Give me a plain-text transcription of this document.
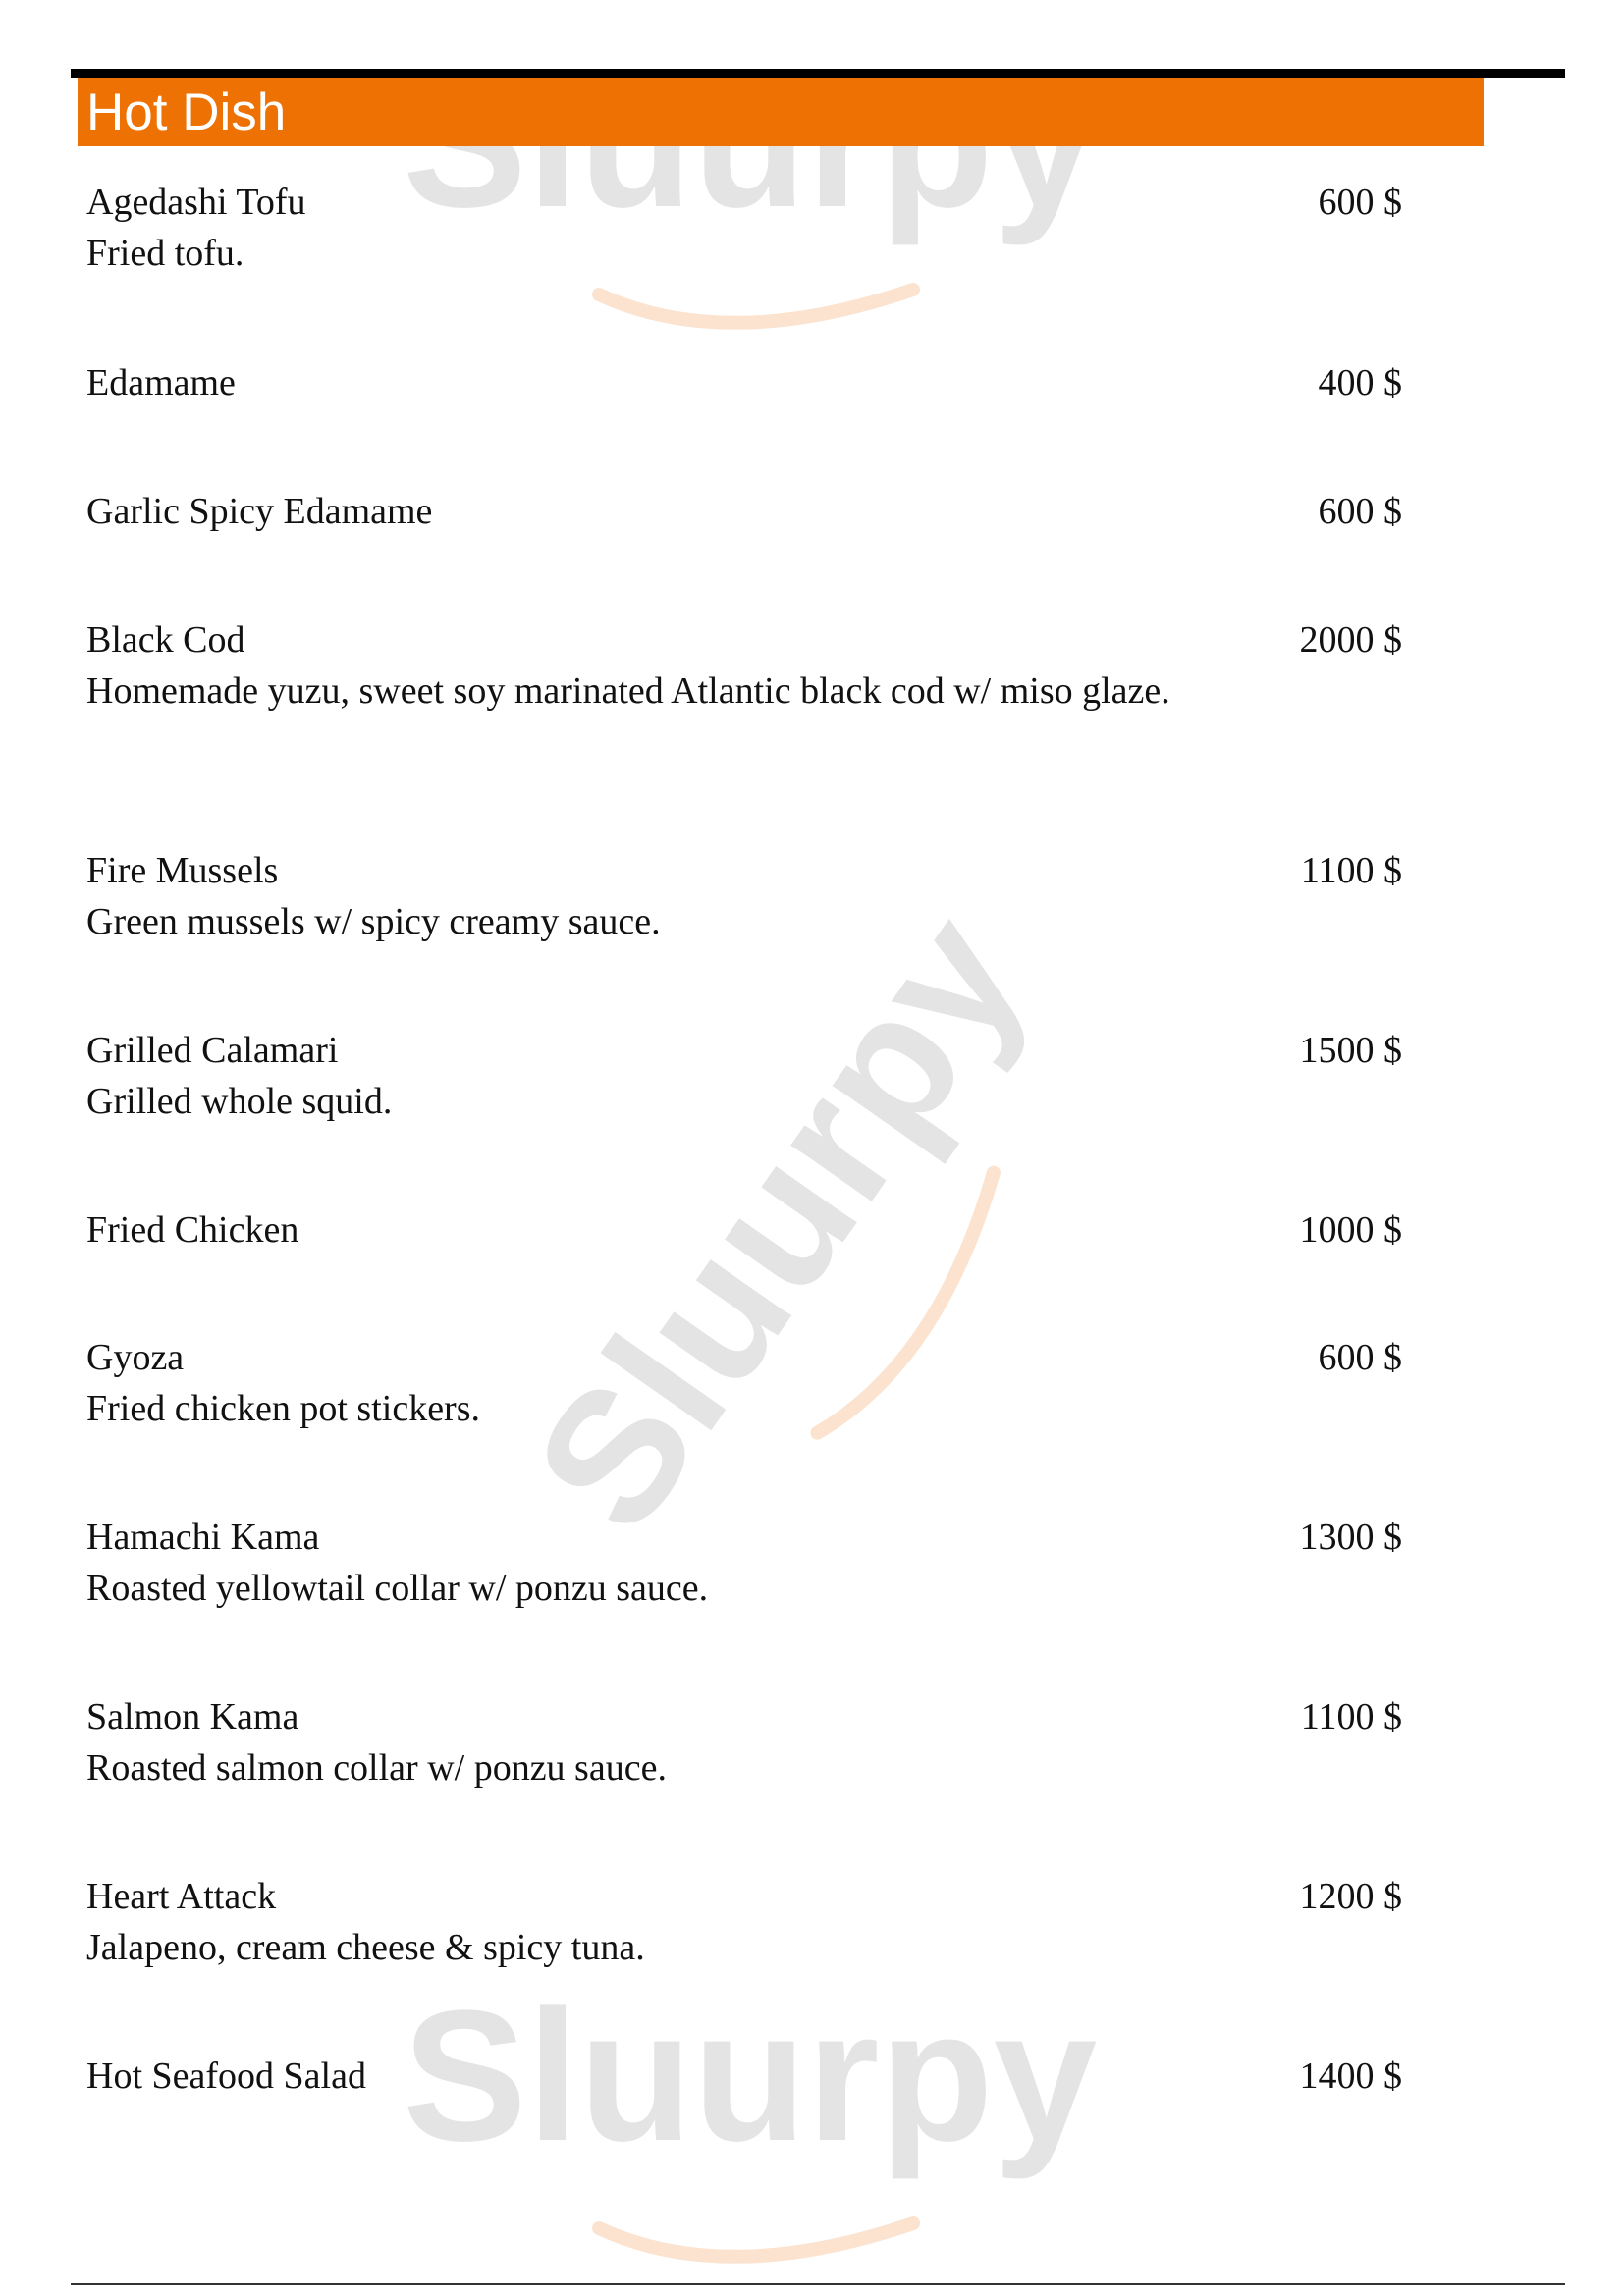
Sluurpy
Sluurpy
Hot Dish
Agedashi Tofu
Fried tofu.
600 $
Edamame	400 $
Garlic Spicy Edamame	600 $
Black Cod
Homemade yuzu, sweet soy marinated Atlantic black cod w/ miso glaze.
2000 $
Fire Mussels
Green mussels w/ spicy creamy sauce.
1100 $
Grilled Calamari
Grilled whole squid.
1500 $
Fried Chicken	1000 $
Gyoza
Fried chicken pot stickers.
600 $
Hamachi Kama
Roasted yellowtail collar w/ ponzu sauce.
1300 $
Salmon Kama
Roasted salmon collar w/ ponzu sauce.
1100 $
Heart Attack
Jalapeno, cream cheese & spicy tuna.
1200 $
Hot Seafood Salad	1400 $
